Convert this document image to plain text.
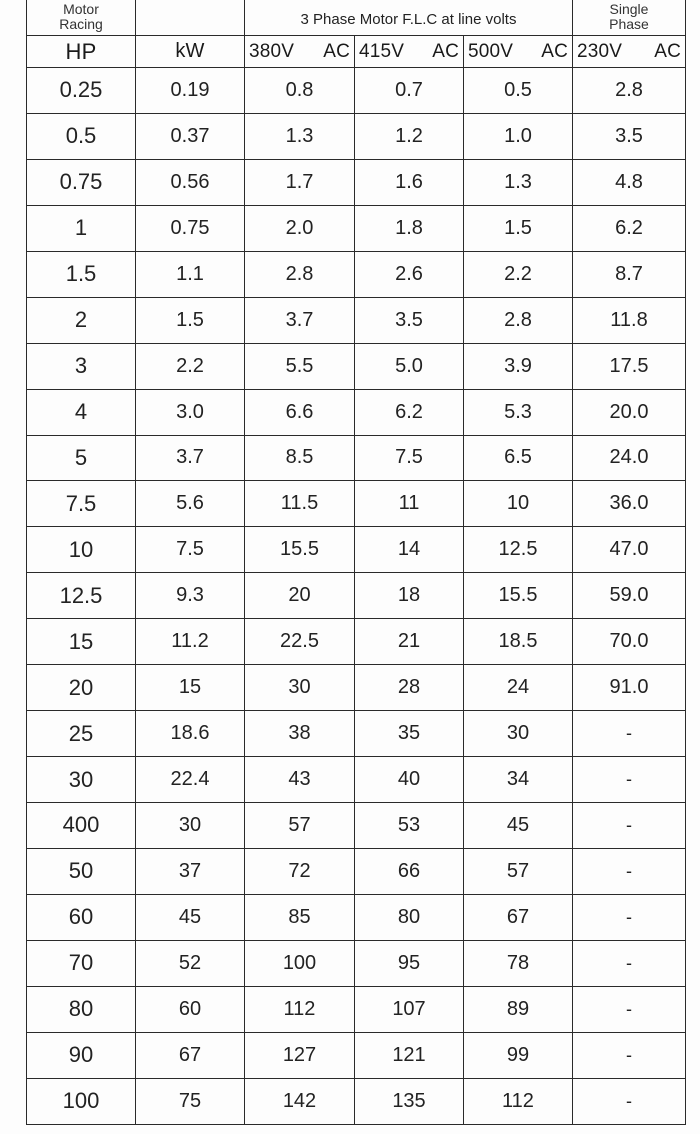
Motor
Racing		3 Phase Motor F.L.C at line volts			Single
Phase
HP	kW	380V AC	415V AC	500V AC	230V AC

0.25	0.19	0.8	0.7	0.5	2.8
0.5	0.37	1.3	1.2	1.0	3.5
0.75	0.56	1.7	1.6	1.3	4.8
1	0.75	2.0	1.8	1.5	6.2
1.5	1.1	2.8	2.6	2.2	8.7
2	1.5	3.7	3.5	2.8	11.8
3	2.2	5.5	5.0	3.9	17.5
4	3.0	6.6	6.2	5.3	20.0
5	3.7	8.5	7.5	6.5	24.0
7.5	5.6	11.5	11	10	36.0
10	7.5	15.5	14	12.5	47.0
12.5	9.3	20	18	15.5	59.0
15	11.2	22.5	21	18.5	70.0
20	15	30	28	24	91.0
25	18.6	38	35	30	-
30	22.4	43	40	34	-
400	30	57	53	45	-
50	37	72	66	57	-
60	45	85	80	67	-
70	52	100	95	78	-
80	60	112	107	89	-
90	67	127	121	99	-
100	75	142	135	112	-
